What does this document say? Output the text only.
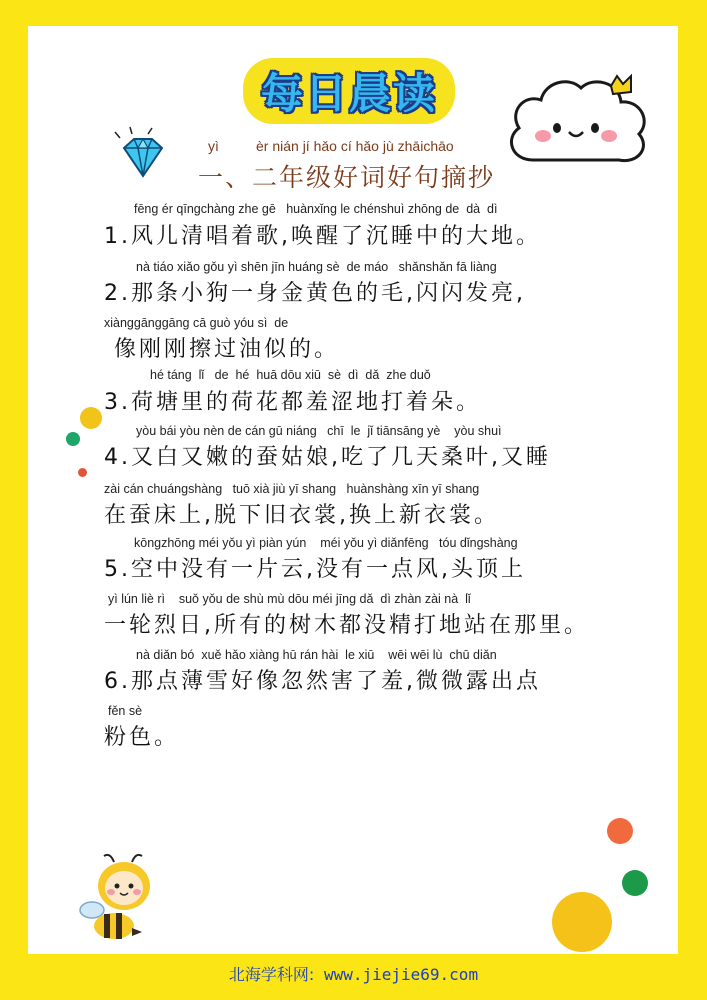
每日晨读

yì

	èr nián jí hǎo cí hǎo jù zhāichāo

一、二年级好词好句摘抄
fēng ér qīngchàng zhe gē   huànxǐng le chénshuì zhōng de  dà  dì
1.风儿清唱着歌,唤醒了沉睡中的大地。
nà tiáo xiǎo gǒu yì shēn jīn huáng sè  de máo   shǎnshǎn fā liàng
2.那条小狗一身金黄色的毛,闪闪发亮,
xiànggānggāng cā guò yóu sì  de
像刚刚擦过油似的。
hé táng  lǐ   de  hé  huā dōu xiū  sè  dì  dǎ  zhe duǒ
3.荷塘里的荷花都羞涩地打着朵。
yòu bái yòu nèn de cán gū niáng   chī  le  jǐ tiānsāng yè    yòu shuì
4.又白又嫩的蚕姑娘,吃了几天桑叶,又睡
zài cán chuángshàng   tuō xià jiù yī shang   huànshàng xīn yī shang
在蚕床上,脱下旧衣裳,换上新衣裳。
kōngzhōng méi yǒu yì piàn yún    méi yǒu yì diǎnfēng   tóu dǐngshàng
5.空中没有一片云,没有一点风,头顶上
yì lún liè rì    suǒ yǒu de shù mù dōu méi jīng dǎ  dì zhàn zài nà  lǐ
一轮烈日,所有的树木都没精打地站在那里。
nà diǎn bó  xuě hǎo xiàng hū rán hài  le xiū    wēi wēi lù  chū diǎn
6.那点薄雪好像忽然害了羞,微微露出点
fěn sè
粉色。
北海学科网: www.jiejie69.com
